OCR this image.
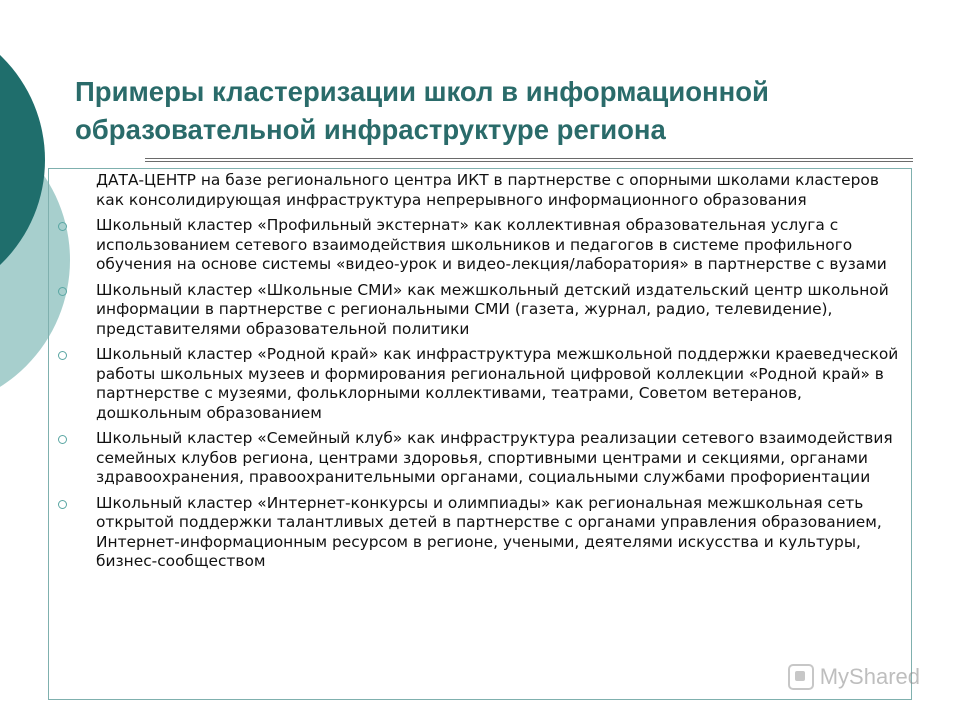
Примеры кластеризации школ в информационной образовательной инфраструктуре региона
ДАТА-ЦЕНТР на базе регионального центра ИКТ в партнерстве с опорными школами кластеров как консолидирующая инфраструктура непрерывного информационного образования
Школьный кластер «Профильный экстернат» как коллективная образовательная услуга с использованием сетевого взаимодействия школьников и педагогов в системе профильного обучения на основе системы «видео-урок и видео-лекция/лаборатория» в партнерстве с вузами
Школьный кластер «Школьные СМИ» как межшкольный детский издательский центр школьной информации в партнерстве с региональными СМИ (газета, журнал, радио, телевидение), представителями образовательной политики
Школьный кластер «Родной край» как инфраструктура межшкольной поддержки краеведческой работы школьных музеев и формирования региональной цифровой коллекции «Родной край» в партнерстве с музеями, фольклорными коллективами, театрами, Советом ветеранов, дошкольным образованием
Школьный кластер «Семейный клуб» как инфраструктура реализации сетевого взаимодействия семейных клубов региона, центрами здоровья, спортивными центрами и секциями, органами здравоохранения, правоохранительными органами, социальными службами профориентации
Школьный кластер «Интернет-конкурсы и олимпиады» как региональная межшкольная сеть открытой поддержки талантливых детей в партнерстве с органами управления образованием, Интернет-информационным ресурсом в регионе, учеными, деятелями искусства и культуры, бизнес-сообществом
MyShared
